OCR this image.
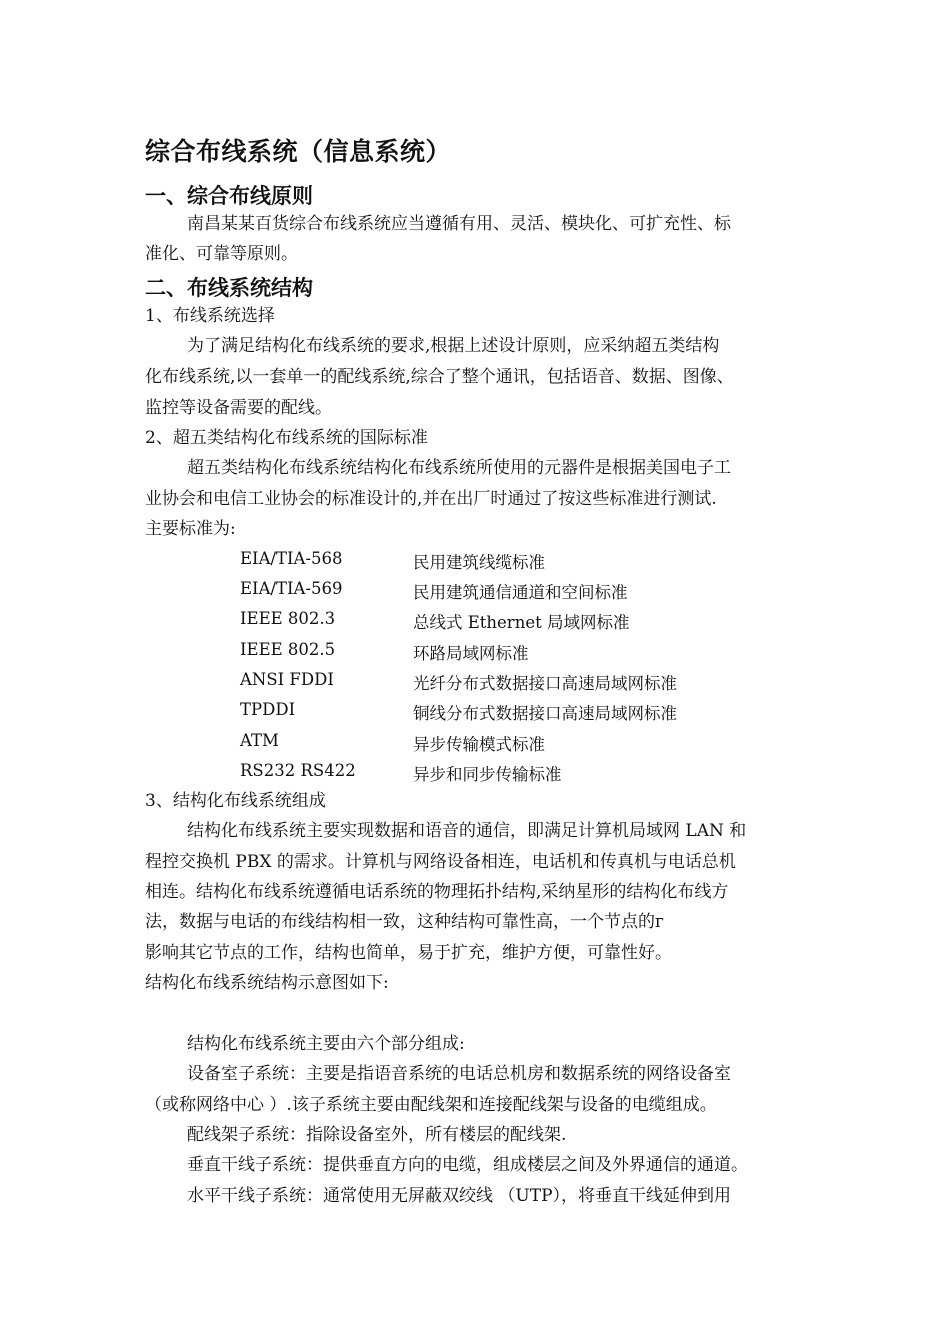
综合布线系统（信息系统）
一、综合布线原则
南昌某某百货综合布线系统应当遵循有用、灵活、模块化、可扩充性、标
准化、可靠等原则。
二、布线系统结构
1、布线系统选择
为了满足结构化布线系统的要求,根据上述设计原则，应采纳超五类结构
化布线系统,以一套单一的配线系统,综合了整个通讯，包括语音、数据、图像、
监控等设备需要的配线。
2、超五类结构化布线系统的国际标准
超五类结构化布线系统结构化布线系统所使用的元器件是根据美国电子工
业协会和电信工业协会的标准设计的,并在出厂时通过了按这些标准进行测试.
主要标准为:
EIA/TIA-568	民用建筑线缆标准
EIA/TIA-569	民用建筑通信通道和空间标准
IEEE 802.3	总线式 Ethernet 局域网标准
IEEE 802.5	环路局域网标准
ANSI FDDI	光纤分布式数据接口高速局域网标准
TPDDI	铜线分布式数据接口高速局域网标准
ATM	异步传输模式标准
RS232 RS422	异步和同步传输标准
3、结构化布线系统组成
结构化布线系统主要实现数据和语音的通信，即满足计算机局域网 LAN 和
程控交换机 PBX 的需求。计算机与网络设备相连，电话机和传真机与电话总机
相连。结构化布线系统遵循电话系统的物理拓扑结构,采纳星形的结构化布线方
法，数据与电话的布线结构相一致，这种结构可靠性高，一个节点的г
影响其它节点的工作，结构也简单，易于扩充，维护方便，可靠性好。
结构化布线系统结构示意图如下:
结构化布线系统主要由六个部分组成:
设备室子系统：主要是指语音系统的电话总机房和数据系统的网络设备室
（或称网络中心 ）.该子系统主要由配线架和连接配线架与设备的电缆组成。
配线架子系统：指除设备室外，所有楼层的配线架.
垂直干线子系统：提供垂直方向的电缆，组成楼层之间及外界通信的通道。
水平干线子系统：通常使用无屏蔽双绞线 （UTP），将垂直干线延伸到用
